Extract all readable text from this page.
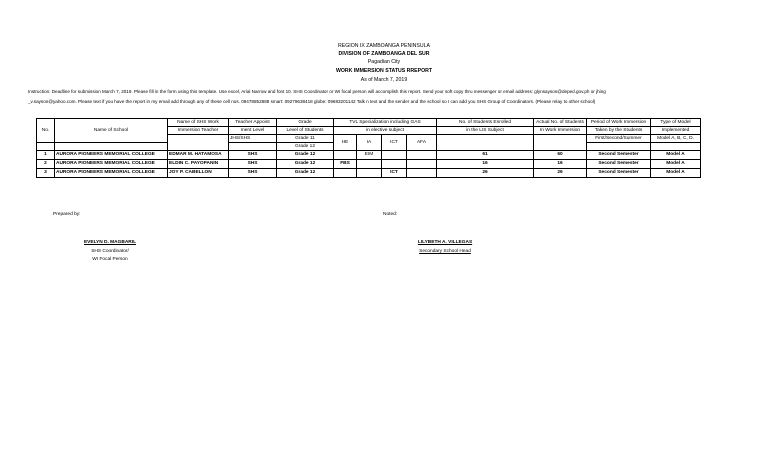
REGION IX ZAMBOANGA PENINSULA
DIVISION OF ZAMBOANGA DEL SUR
Pagadian City
WORK IMMERSION STATUS RREPORT
As of March 7, 2019
Instruction: Deadline for submission March 7, 2019. Please fill in the form using this template. Use excel, Arial Narrow and font 10. SHS Coordinator or WI focal person will accomplish this report. Send your soft copy thru messenger or email address: glynsayson@deped.gov.ph or jhing
_v.sayson@yahoo.com. Please text if you have the report in my email add through any of these cell nos. 09478852888 smart: 09279638418 globe: 09683201142 Talk n text and the sender and the school so I can add you SHS Group of Coordinators. (Please relay to other school)
No.	Name of School	Name of SHS Work	Teacher Appoint	Grade	TVL Specialization including GAS				No. of Students Enrolled	Actual No. of Students	Period of Work Immersion	Type of Model
		Immersion Teacher	ment Level	Level of Students	in elective subject				in the LIS Subject	In Work Immersion	Taken by the Students	Implemented
			JHS/SHS	Grade 11	HE	IA	ICT	AFA			First/Second/Summer	Model A, B, C, D.
				Grade 12								
1	AURORA PIONEERS MEMORIAL COLLEGE	EDMAR M. HATAMOSA	SHS	Grade 12		EIM			61	60	Second Semester	Model A
2	AURORA PIONEERS MEMORIAL COLLEGE	ELDIN C. PAYOPANIN	SHS	Grade 12	FBS				16	16	Second Semester	Model A
3	AURORA PIONEERS MEMORIAL COLLEGE	JOY P. CABELLON	SHS	Grade 12			ICT		26	26	Second Semester	Model A
Prepared by:	Noted:
EVELYN D. MAGBARIL
SHS Coordinator/
WI Focal Person
LILYBETH A. VILLEGAS
Secondary School Head
